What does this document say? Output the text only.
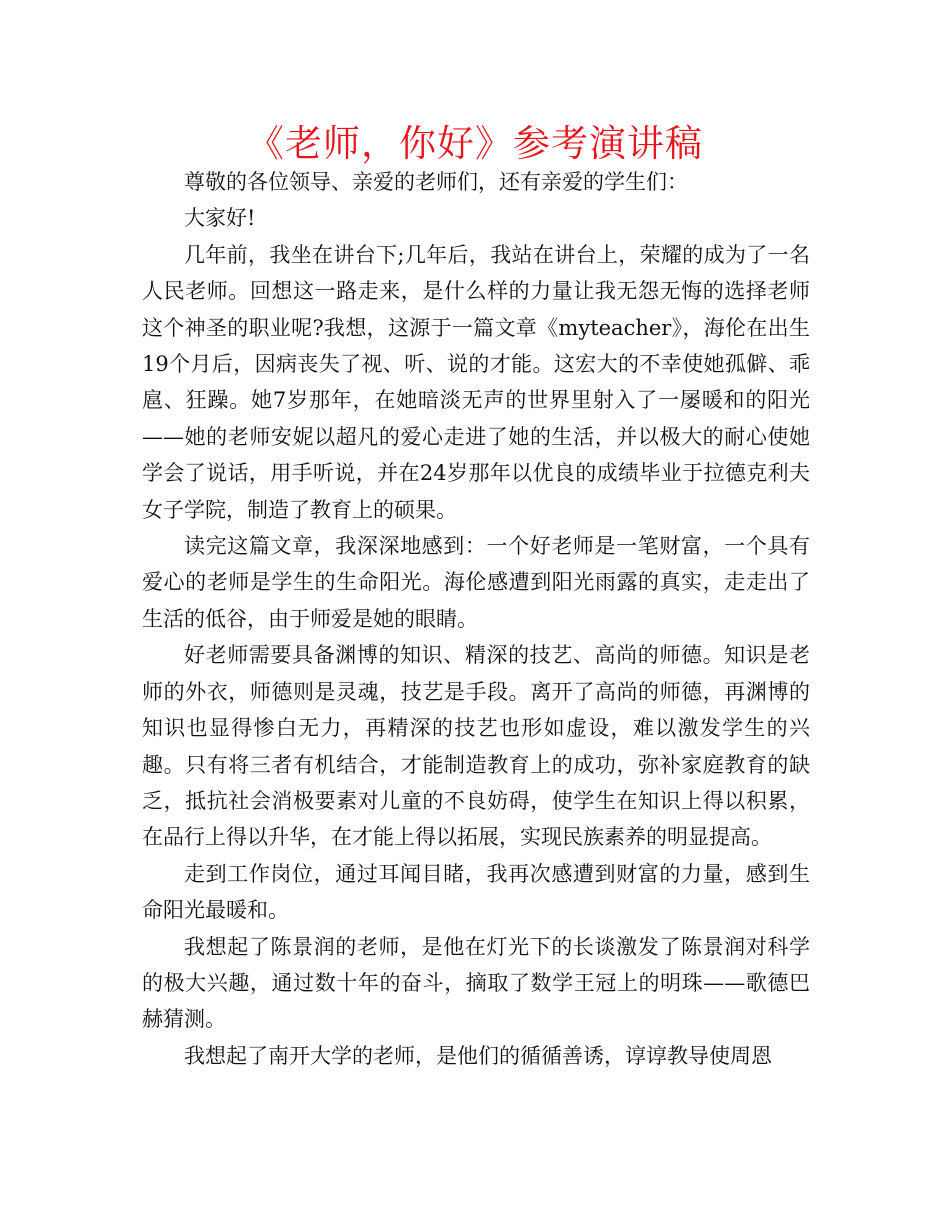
《老师，你好》参考演讲稿

尊敬的各位领导、亲爱的老师们，还有亲爱的学生们：

大家好!

几年前，我坐在讲台下;几年后，我站在讲台上，荣耀的成为了一名人民老师。回想这一路走来，是什么样的力量让我无怨无悔的选择老师这个神圣的职业呢?我想，这源于一篇文章《myteacher》，海伦在出生19个月后，因病丧失了视、听、说的才能。这宏大的不幸使她孤僻、乖扈、狂躁。她7岁那年，在她暗淡无声的世界里射入了一屡暖和的阳光——她的老师安妮以超凡的爱心走进了她的生活，并以极大的耐心使她学会了说话，用手听说，并在24岁那年以优良的成绩毕业于拉德克利夫女子学院，制造了教育上的硕果。

读完这篇文章，我深深地感到：一个好老师是一笔财富，一个具有爱心的老师是学生的生命阳光。海伦感遭到阳光雨露的真实，走走出了生活的低谷，由于师爱是她的眼睛。

好老师需要具备渊博的知识、精深的技艺、高尚的师德。知识是老师的外衣，师德则是灵魂，技艺是手段。离开了高尚的师德，再渊博的知识也显得惨白无力，再精深的技艺也形如虚设，难以激发学生的兴趣。只有将三者有机结合，才能制造教育上的成功，弥补家庭教育的缺乏，抵抗社会消极要素对儿童的不良妨碍，使学生在知识上得以积累，在品行上得以升华，在才能上得以拓展，实现民族素养的明显提高。

走到工作岗位，通过耳闻目睹，我再次感遭到财富的力量，感到生命阳光最暖和。

我想起了陈景润的老师，是他在灯光下的长谈激发了陈景润对科学的极大兴趣，通过数十年的奋斗，摘取了数学王冠上的明珠——歌德巴赫猜测。

我想起了南开大学的老师，是他们的循循善诱，谆谆教导使周恩
